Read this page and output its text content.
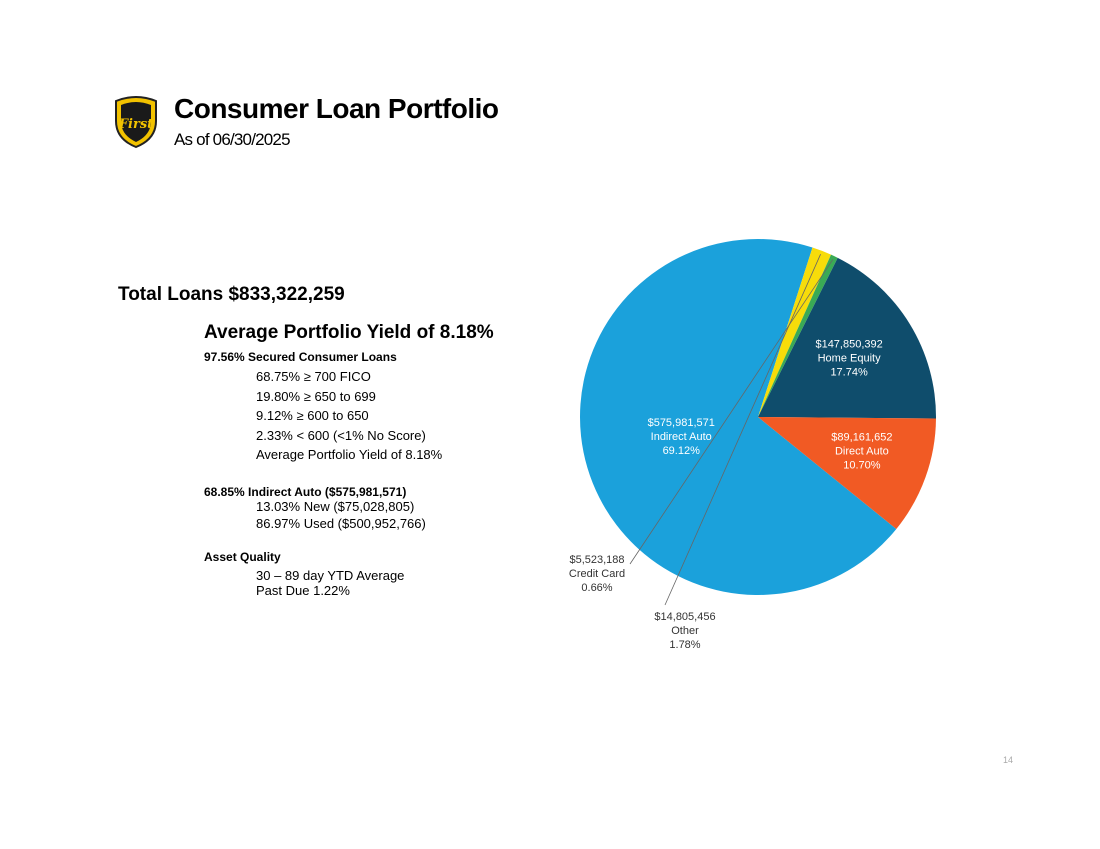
First
Consumer Loan Portfolio
As of 06/30/2025
Total Loans $833,322,259
Average Portfolio Yield of 8.18%
97.56% Secured Consumer Loans
68.75% ≥ 700 FICO
19.80% ≥ 650 to 699
9.12% ≥ 600 to 650
2.33% < 600 (<1% No Score)
Average Portfolio Yield of 8.18%
68.85% Indirect Auto ($575,981,571)
13.03% New ($75,028,805)
86.97% Used ($500,952,766)
Asset Quality
30 – 89 day YTD Average
Past Due 1.22%
$575,981,571
Indirect Auto
69.12%
$14,805,456
Other
1.78%
$5,523,188
Credit Card
0.66%
$147,850,392
Home Equity
17.74%
$89,161,652
Direct Auto
10.70%
14
